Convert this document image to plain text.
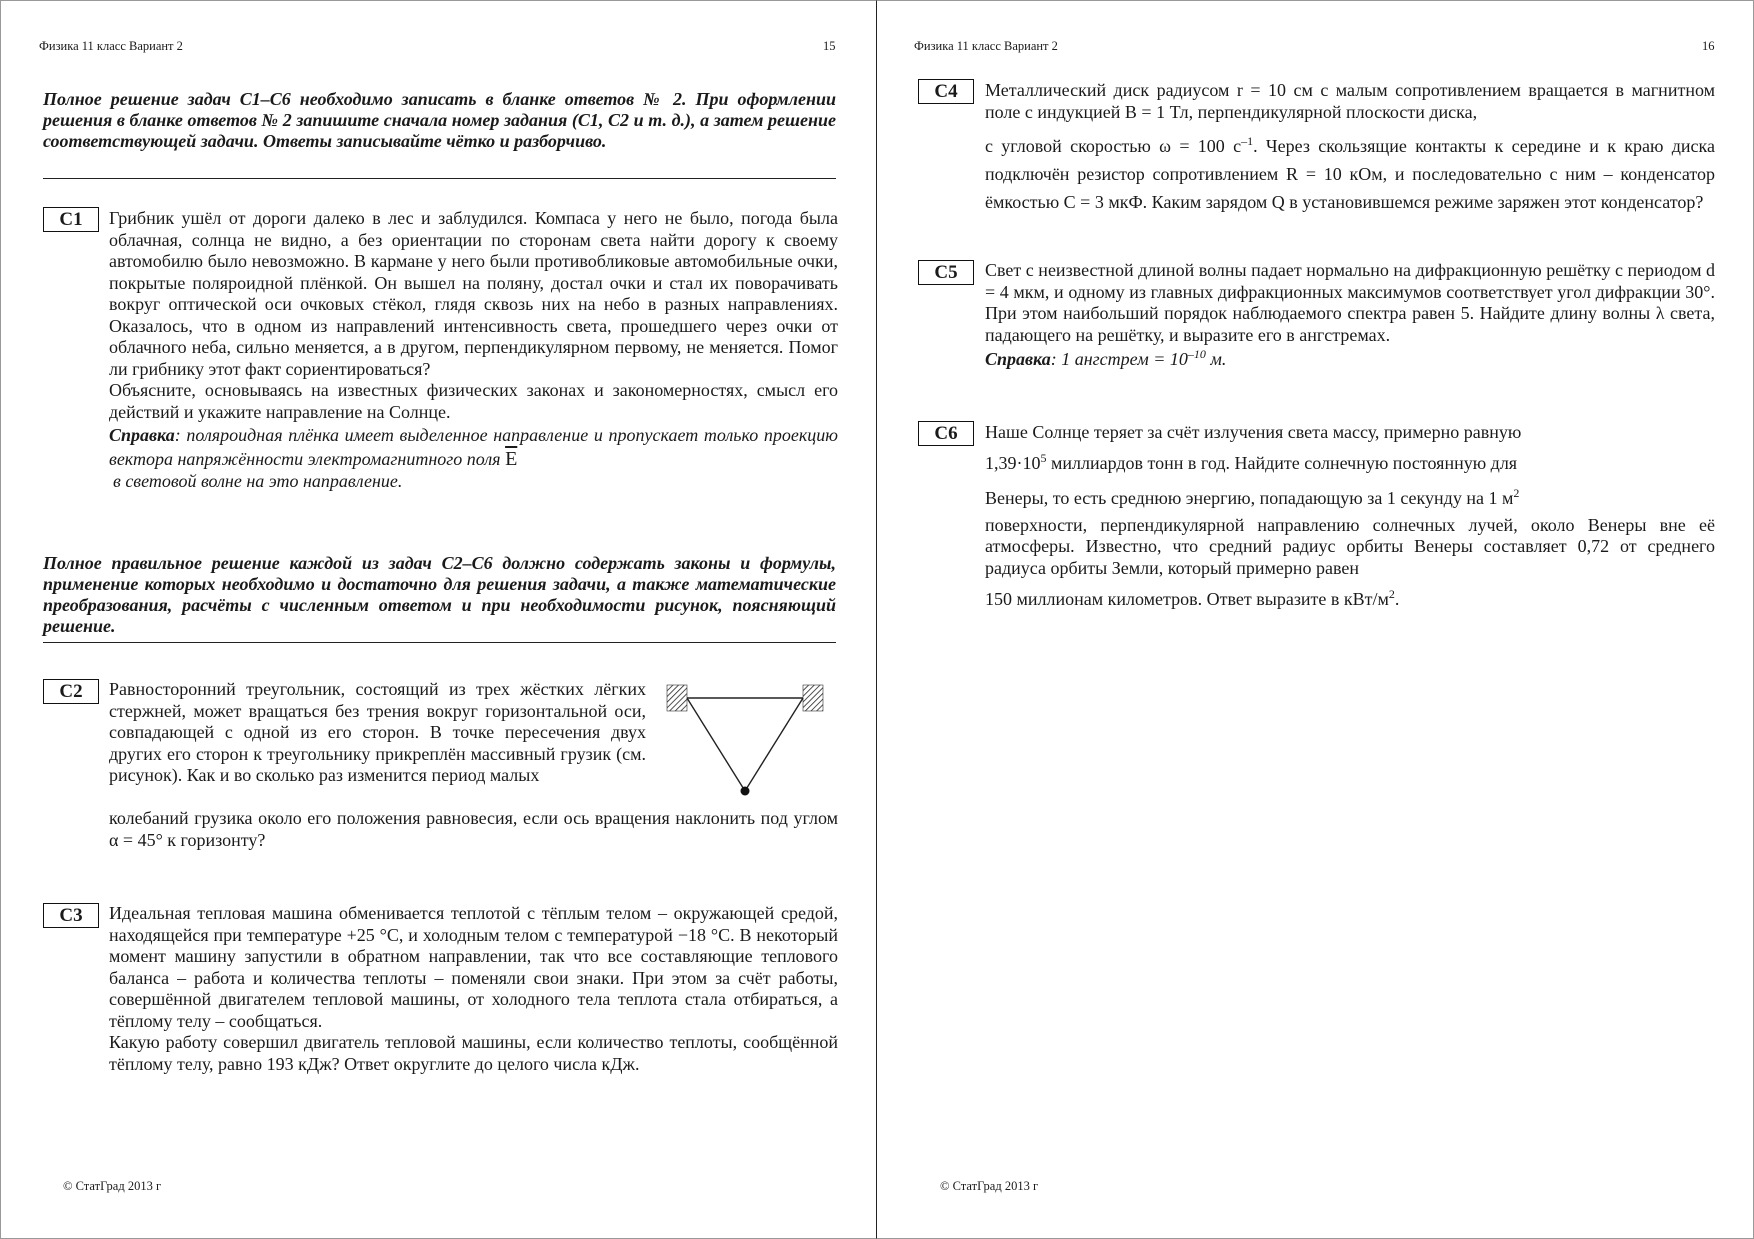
Физика 11 класс Вариант 2	15
Полное решение задач С1–С6 необходимо записать в бланке ответов № 2. При оформлении решения в бланке ответов № 2 запишите сначала номер задания (С1, С2 и т. д.), а затем решение соответствующей задачи. Ответы записывайте чётко и разборчиво.
C1	Грибник ушёл от дороги далеко в лес и заблудился. Компаса у него не было, погода была облачная, солнца не видно, а без ориентации по сторонам света найти дорогу к своему автомобилю было невозможно. В кармане у него были противобликовые автомобильные очки, покрытые поляроидной плёнкой. Он вышел на поляну, достал очки и стал их поворачивать вокруг оптической оси очковых стёкол, глядя сквозь них на небо в разных направлениях. Оказалось, что в одном из направлений интенсивность света, прошедшего через очки от облачного неба, сильно меняется, а в другом, перпендикулярном первому, не меняется. Помог ли грибнику этот факт сориентироваться?
Объясните, основываясь на известных физических законах и закономерностях, смысл его действий и укажите направление на Солнце.
Справка: поляроидная плёнка имеет выделенное направление и пропускает только проекцию вектора напряжённости электромагнитного поля $\overline{E}$
в световой волне на это направление.
Полное правильное решение каждой из задач С2–С6 должно содержать законы и формулы, применение которых необходимо и достаточно для решения задачи, а также математические преобразования, расчёты с численным ответом и при необходимости рисунок, поясняющий решение.
C2	Равносторонний треугольник, состоящий из трех жёстких лёгких стержней, может вращаться без трения вокруг горизонтальной оси, совпадающей с одной из его сторон. В точке пересечения двух других его сторон к треугольнику прикреплён массивный грузик (см. рисунок). Как и во сколько раз изменится период малых
колебаний грузика около его положения равновесия, если ось вращения наклонить под углом α = 45° к горизонту?
C3	Идеальная тепловая машина обменивается теплотой с тёплым телом – окружающей средой, находящейся при температуре +25 °С, и холодным телом с температурой −18 °С. В некоторый момент машину запустили в обратном направлении, так что все составляющие теплового баланса – работа и количества теплоты – поменяли свои знаки. При этом за счёт работы, совершённой двигателем тепловой машины, от холодного тела теплота стала отбираться, а тёплому телу – сообщаться.
Какую работу совершил двигатель тепловой машины, если количество теплоты, сообщённой тёплому телу, равно 193 кДж? Ответ округлите до целого числа кДж.
© СтатГрад 2013 г
Физика 11 класс Вариант 2	16
C4	Металлический диск радиусом r = 10 см с малым сопротивлением вращается в магнитном поле с индукцией B = 1 Тл, перпендикулярной плоскости диска,
с угловой скоростью ω = 100 $с^{-1}$. Через скользящие контакты к середине и к краю диска подключён резистор сопротивлением R = 10 кОм, и последовательно с ним – конденсатор ёмкостью C = 3 мкФ. Каким зарядом Q в установившемся режиме заряжен этот конденсатор?
C5	Свет с неизвестной длиной волны падает нормально на дифракционную решётку с периодом d = 4 мкм, и одному из главных дифракционных максимумов соответствует угол дифракции 30°. При этом наибольший порядок наблюдаемого спектра равен 5. Найдите длину волны λ света, падающего на решётку, и выразите его в ангстремах.
Справка: 1 ангстрем = $10^{-10}$ м.
C6	Наше Солнце теряет за счёт излучения света массу, примерно равную
$1,39\cdot 10^5$ миллиардов тонн в год. Найдите солнечную постоянную для
Венеры, то есть среднюю энергию, попадающую за 1 секунду на 1 $м^2$
поверхности, перпендикулярной направлению солнечных лучей, около Венеры вне её атмосферы. Известно, что средний радиус орбиты Венеры составляет 0,72 от среднего радиуса орбиты Земли, который примерно равен
150 миллионам километров. Ответ выразите в кВт/$м^2$.
© СтатГрад 2013 г
